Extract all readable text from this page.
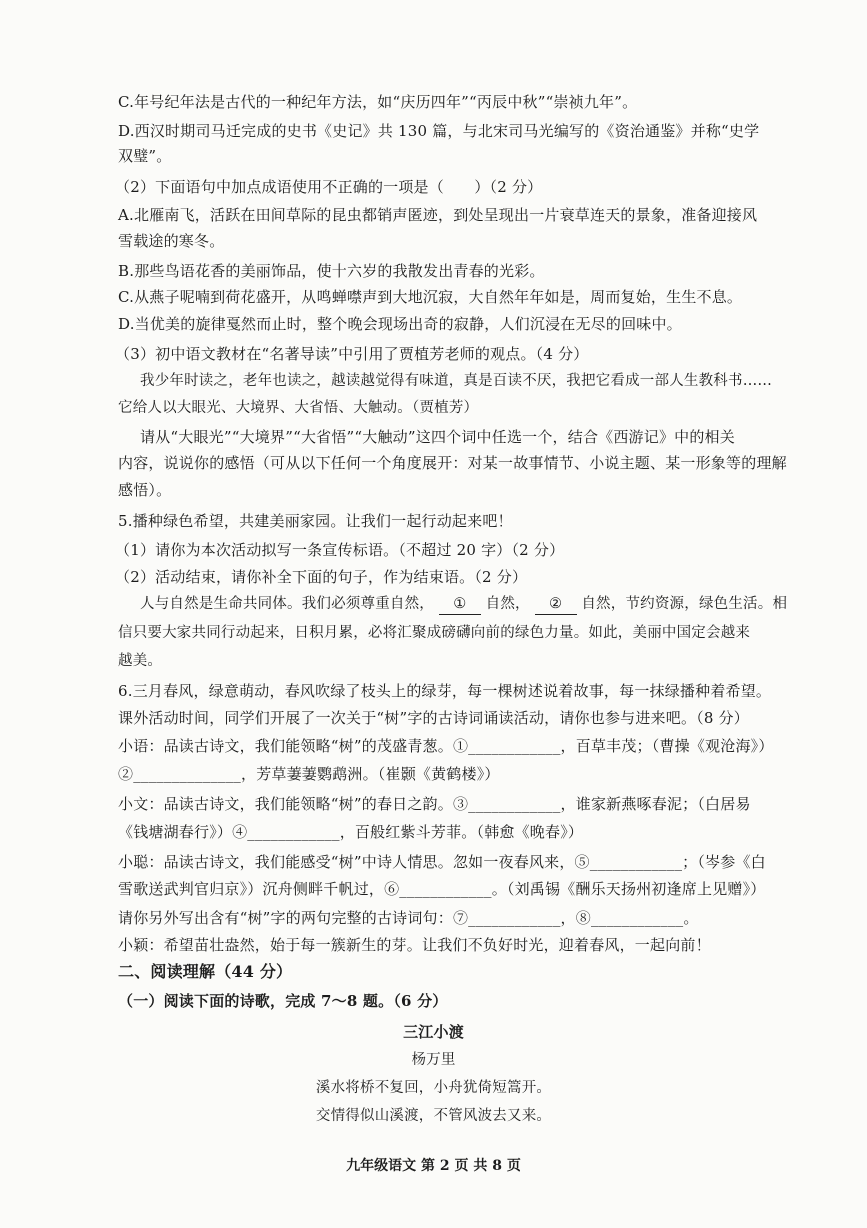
C.年号纪年法是古代的一种纪年方法，如“庆历四年”“丙辰中秋”“崇祯九年”。
D.西汉时期司马迁完成的史书《史记》共 130 篇，与北宋司马光编写的《资治通鉴》并称“史学
双璧”。
（2）下面语句中加点成语使用不正确的一项是（　　）（2 分）
A.北雁南飞，活跃在田间草际的昆虫都销声匿迹，到处呈现出一片衰草连天的景象，准备迎接风
雪载途的寒冬。
B.那些鸟语花香的美丽饰品，使十六岁的我散发出青春的光彩。
C.从燕子呢喃到荷花盛开，从鸣蝉噤声到大地沉寂，大自然年年如是，周而复始，生生不息。
D.当优美的旋律戛然而止时，整个晚会现场出奇的寂静，人们沉浸在无尽的回味中。
（3）初中语文教材在“名著导读”中引用了贾植芳老师的观点。（4 分）
我少年时读之，老年也读之，越读越觉得有味道，真是百读不厌，我把它看成一部人生教科书……
它给人以大眼光、大境界、大省悟、大触动。（贾植芳）
请从“大眼光”“大境界”“大省悟”“大触动”这四个词中任选一个，结合《西游记》中的相关
内容，说说你的感悟（可从以下任何一个角度展开：对某一故事情节、小说主题、某一形象等的理解
感悟）。
5.播种绿色希望，共建美丽家园。让我们一起行动起来吧！
（1）请你为本次活动拟写一条宣传标语。（不超过 20 字）（2 分）
（2）活动结束，请你补全下面的句子，作为结束语。（2 分）
人与自然是生命共同体。我们必须尊重自然， ① 自然， ② 自然，节约资源，绿色生活。相
信只要大家共同行动起来，日积月累，必将汇聚成磅礴向前的绿色力量。如此，美丽中国定会越来
越美。
6.三月春风，绿意萌动，春风吹绿了枝头上的绿芽，每一棵树述说着故事，每一抹绿播种着希望。
课外活动时间，同学们开展了一次关于“树”字的古诗词诵读活动，请你也参与进来吧。（8 分）
小语：品读古诗文，我们能领略“树”的茂盛青葱。①____________，百草丰茂；（曹操《观沧海》）
②______________，芳草萋萋鹦鹉洲。（崔颢《黄鹤楼》）
小文：品读古诗文，我们能领略“树”的春日之韵。③____________，谁家新燕啄春泥；（白居易
《钱塘湖春行》）④____________，百般红紫斗芳菲。（韩愈《晚春》）
小聪：品读古诗文，我们能感受“树”中诗人情思。忽如一夜春风来，⑤____________；（岑参《白
雪歌送武判官归京》）沉舟侧畔千帆过，⑥____________。（刘禹锡《酬乐天扬州初逢席上见赠》）
请你另外写出含有“树”字的两句完整的古诗词句：⑦____________，⑧____________。
小颖：希望苗壮盎然，始于每一簇新生的芽。让我们不负好时光，迎着春风，一起向前！
二、阅读理解（44 分）
（一）阅读下面的诗歌，完成 7～8 题。（6 分）
三江小渡
杨万里
溪水将桥不复回，小舟犹倚短篙开。
交情得似山溪渡，不管风波去又来。
九年级语文 第 2 页 共 8 页
